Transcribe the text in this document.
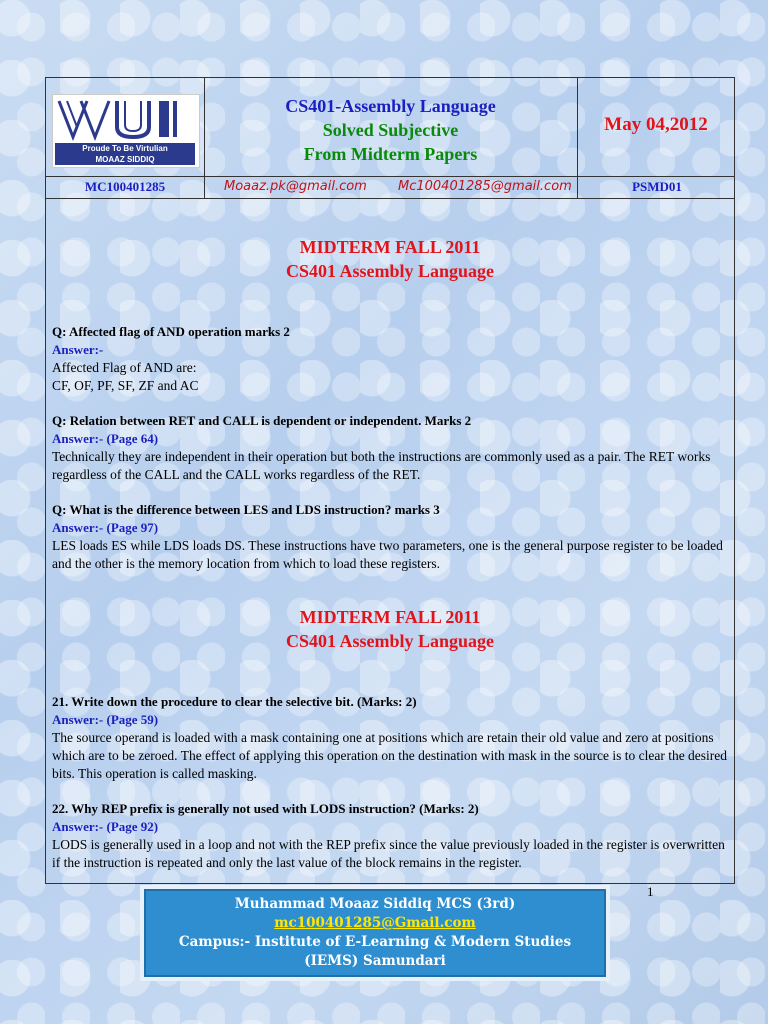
Proude To Be Virtulian
MOAAZ SIDDIQ
CS401-Assembly Language
Solved Subjective
From Midterm Papers
May 04,2012
MC100401285	Moaaz.pk@gmail.com Mc100401285@gmail.com	PSMD01
MIDTERM FALL 2011
CS401 Assembly Language
Q: Affected flag of AND operation marks 2
Answer:-
Affected Flag of AND are:
CF, OF, PF, SF, ZF and AC
Q: Relation between RET and CALL is dependent or independent. Marks 2
Answer:- (Page 64)
Technically they are independent in their operation but both the instructions are commonly used as a pair. The RET works regardless of the CALL and the CALL works regardless of the RET.
Q: What is the difference between LES and LDS instruction? marks 3
Answer:- (Page 97)
LES loads ES while LDS loads DS. These instructions have two parameters, one is the general purpose register to be loaded and the other is the memory location from which to load these registers.
MIDTERM FALL 2011
CS401 Assembly Language
21. Write down the procedure to clear the selective bit. (Marks: 2)
Answer:- (Page 59)
The source operand is loaded with a mask containing one at positions which are retain their old value and zero at positions which are to be zeroed. The effect of applying this operation on the destination with mask in the source is to clear the desired bits. This operation is called masking.
22. Why REP prefix is generally not used with LODS instruction? (Marks: 2)
Answer:- (Page 92)
LODS is generally used in a loop and not with the REP prefix since the value previously loaded in the register is overwritten if the instruction is repeated and only the last value of the block remains in the register.
1
Muhammad Moaaz Siddiq MCS (3rd)
mc100401285@Gmail.com
Campus:- Institute of E-Learning & Modern Studies
(IEMS) Samundari
